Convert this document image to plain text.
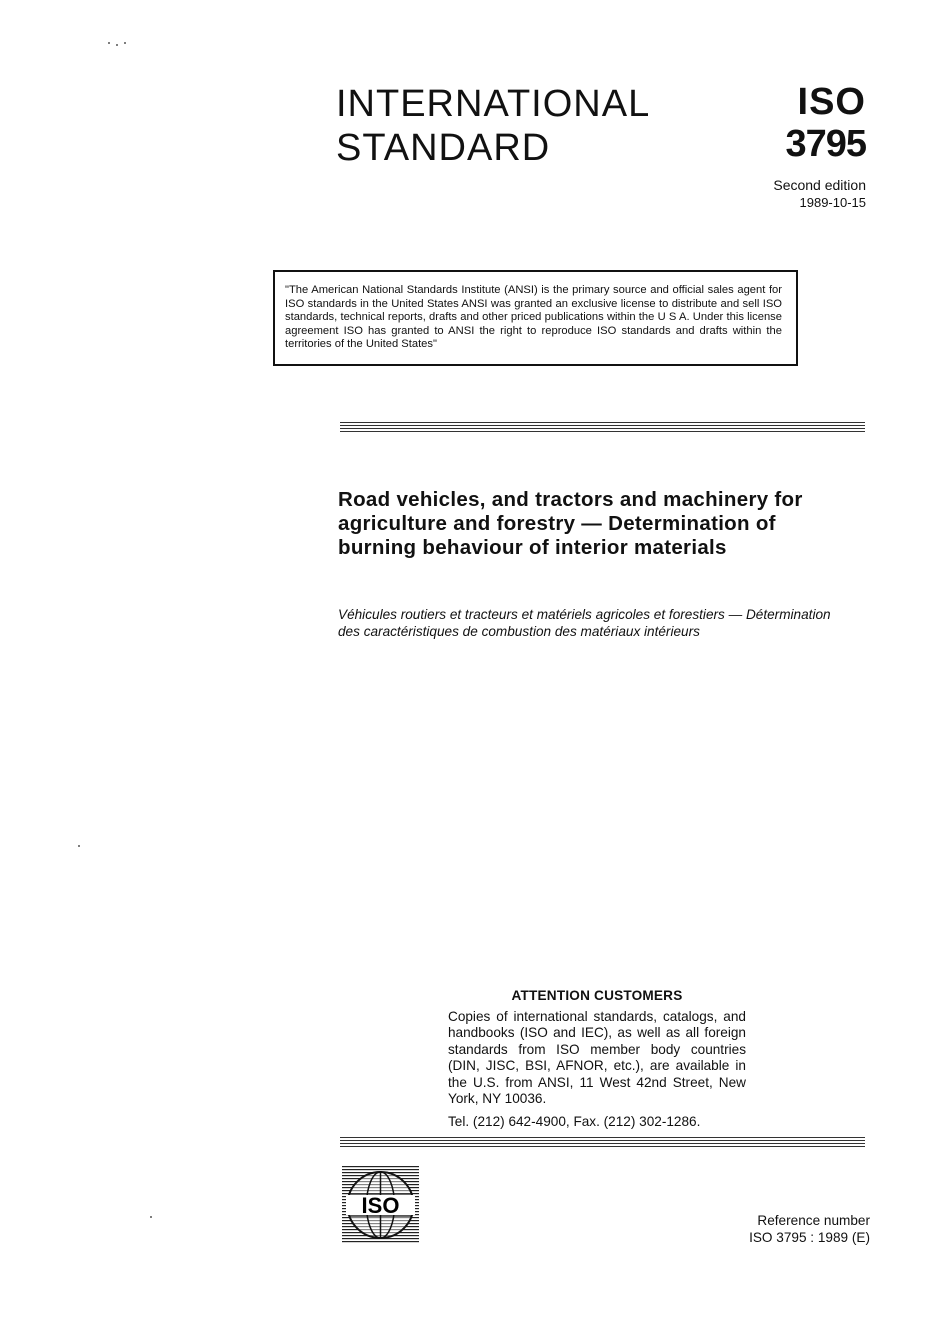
INTERNATIONAL
STANDARD
ISO
3795
Second edition
1989-10-15
"The American National Standards Institute (ANSI) is the primary source and official sales agent for ISO standards in the United States ANSI was granted an exclusive license to distribute and sell ISO standards, technical reports, drafts and other priced publications within the U S A. Under this license agreement ISO has granted to ANSI the right to reproduce ISO standards and drafts within the territories of the United States"
Road vehicles, and tractors and machinery for
agriculture and forestry — Determination of
burning behaviour of interior materials
Véhicules routiers et tracteurs et matériels agricoles et forestiers — Détermination
des caractéristiques de combustion des matériaux intérieurs
ATTENTION CUSTOMERS
Copies of international standards, catalogs, and handbooks (ISO and IEC), as well as all foreign standards from ISO member body countries (DIN, JISC, BSI, AFNOR, etc.), are available in the U.S. from ANSI, 11 West 42nd Street, New York, NY 10036.
Tel. (212) 642-4900, Fax. (212) 302-1286.
ISO
Reference number
ISO 3795 : 1989 (E)
